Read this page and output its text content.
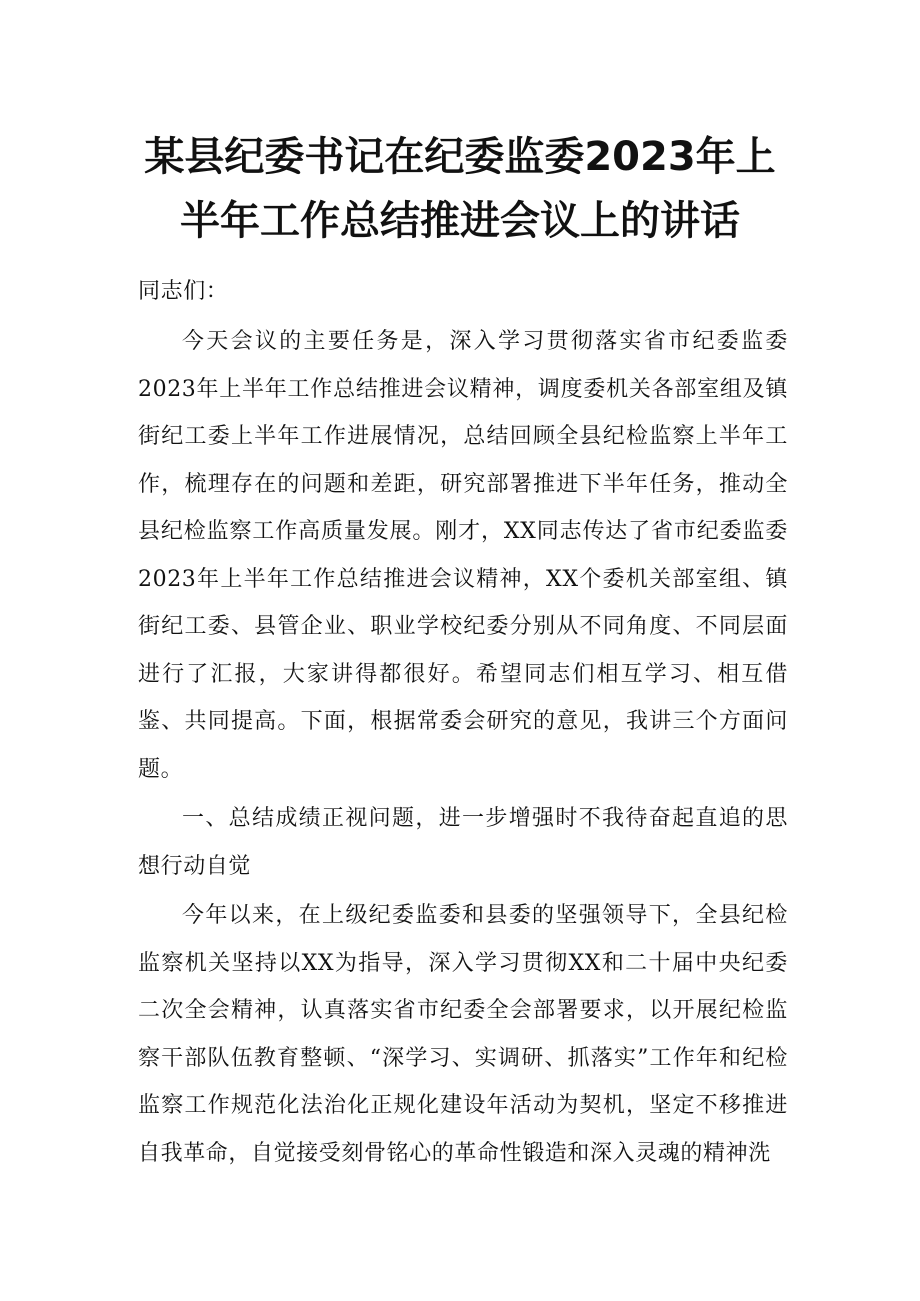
某县纪委书记在纪委监委2023年上
半年工作总结推进会议上的讲话

同志们：

今天会议的主要任务是，深入学习贯彻落实省市纪委监委2023年上半年工作总结推进会议精神，调度委机关各部室组及镇街纪工委上半年工作进展情况，总结回顾全县纪检监察上半年工作，梳理存在的问题和差距，研究部署推进下半年任务，推动全县纪检监察工作高质量发展。刚才，XX同志传达了省市纪委监委2023年上半年工作总结推进会议精神，XX个委机关部室组、镇街纪工委、县管企业、职业学校纪委分别从不同角度、不同层面进行了汇报，大家讲得都很好。希望同志们相互学习、相互借鉴、共同提高。下面，根据常委会研究的意见，我讲三个方面问题。

一、总结成绩正视问题，进一步增强时不我待奋起直追的思想行动自觉

今年以来，在上级纪委监委和县委的坚强领导下，全县纪检监察机关坚持以XX为指导，深入学习贯彻XX和二十届中央纪委二次全会精神，认真落实省市纪委全会部署要求，以开展纪检监察干部队伍教育整顿、“深学习、实调研、抓落实”工作年和纪检监察工作规范化法治化正规化建设年活动为契机，坚定不移推进自我革命，自觉接受刻骨铭心的革命性锻造和深入灵魂的精神洗
